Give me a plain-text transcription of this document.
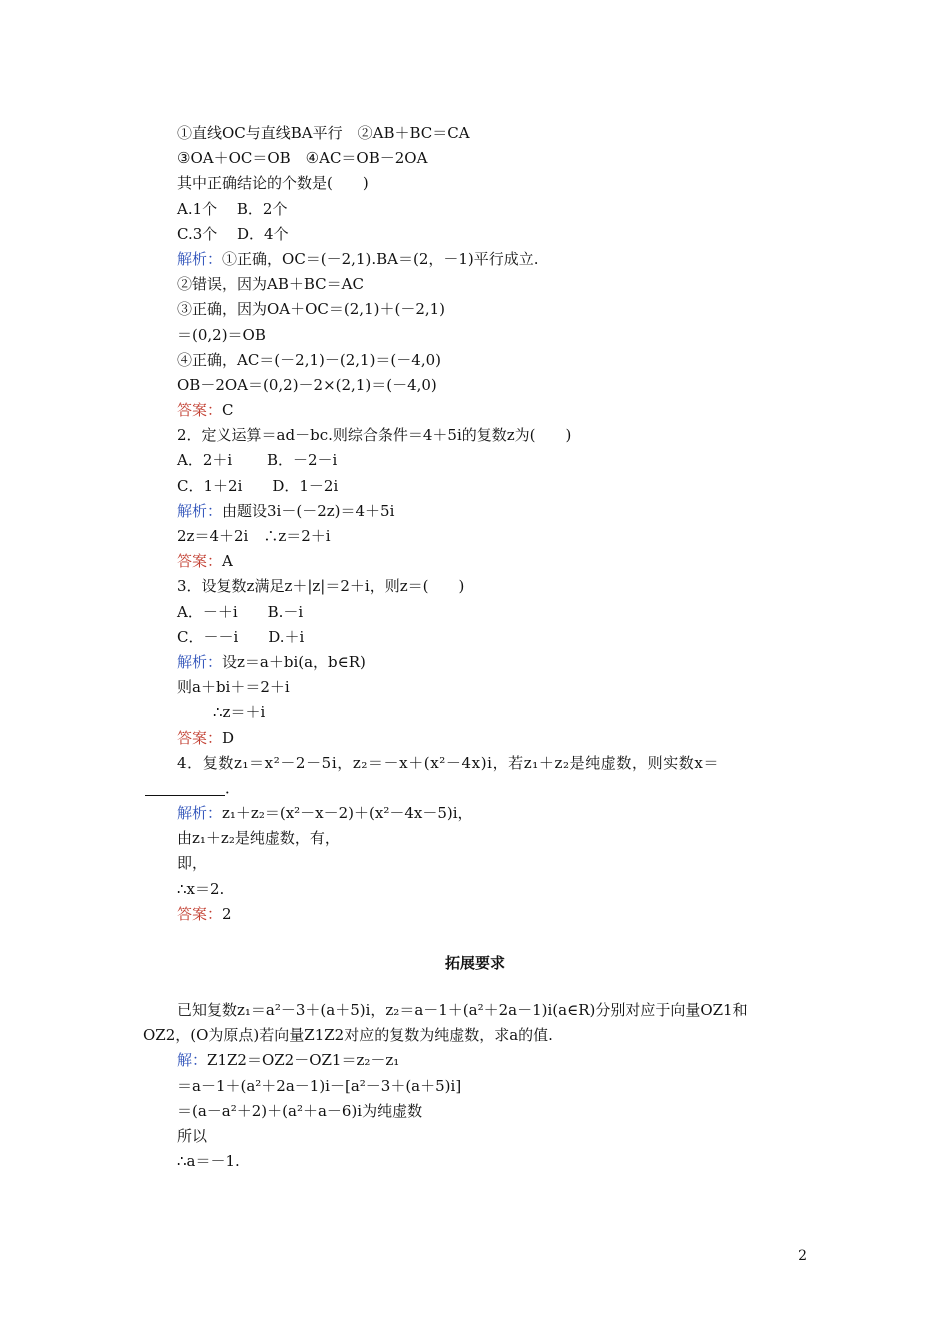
①直线OC与直线BA平行　②AB＋BC＝CA
③OA＋OC＝OB　④AC＝OB－2OA
其中正确结论的个数是(　　)
A.1个　 B．2个
C.3个　 D．4个
解析：①正确，OC＝(－2,1).BA＝(2，－1)平行成立.
②错误，因为AB＋BC＝AC
③正确，因为OA＋OC＝(2,1)＋(－2,1)
＝(0,2)＝OB
④正确，AC＝(－2,1)－(2,1)＝(－4,0)
OB－2OA＝(0,2)－2×(2,1)＝(－4,0)
答案：C
2．定义运算＝ad－bc.则综合条件＝4＋5i的复数z为(　　)
A．2＋i　　 B．－2－i
C．1＋2i　　D．1－2i
解析：由题设3i－(－2z)＝4＋5i
2z＝4＋2i　∴z＝2＋i
答案：A
3．设复数z满足z＋|z|＝2＋i，则z＝(　　)
A．－＋i　　B.－i
C．－－i　　D.＋i
解析：设z＝a＋bi(a，b∈R)
则a＋bi＋＝2＋i
∴z＝＋i
答案：D
4．复数z₁＝x²－2－5i，z₂＝－x＋(x²－4x)i，若z₁＋z₂是纯虚数，则实数x＝
．
解析：z₁＋z₂＝(x²－x－2)＋(x²－4x－5)i，
由z₁＋z₂是纯虚数，有，
即，
∴x＝2.
答案：2
拓展要求
已知复数z₁＝a²－3＋(a＋5)i，z₂＝a－1＋(a²＋2a－1)i(a∈R)分别对应于向量OZ1和
OZ2，(O为原点)若向量Z1Z2对应的复数为纯虚数，求a的值.
解：Z1Z2＝OZ2－OZ1＝z₂－z₁
＝a－1＋(a²＋2a－1)i－[a²－3＋(a＋5)i]
＝(a－a²＋2)＋(a²＋a－6)i为纯虚数
所以
∴a＝－1.
2
